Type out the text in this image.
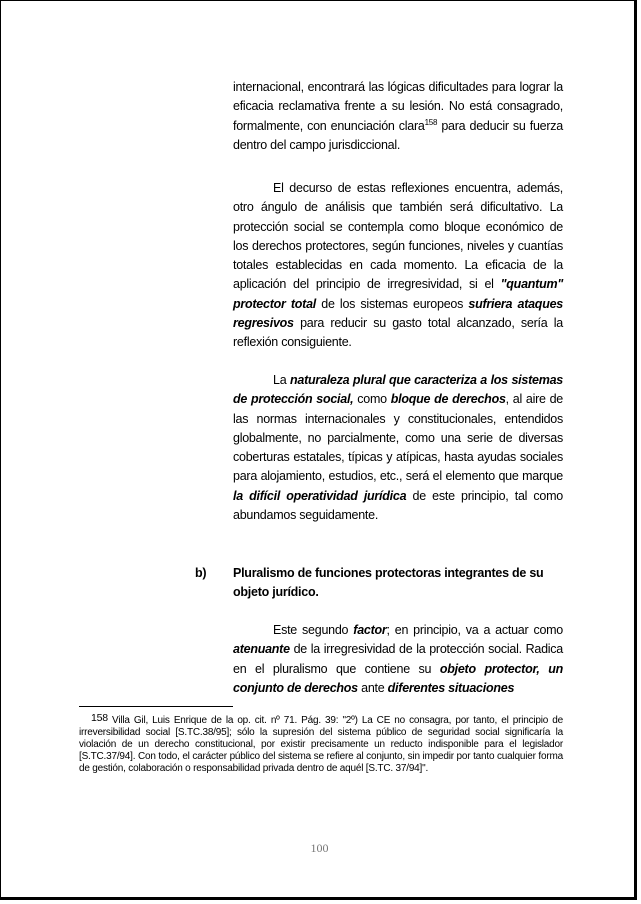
internacional, encontrará las lógicas dificultades para lograr la eficacia reclamativa frente a su lesión. No está consagrado, formalmente, con enunciación clara$^{158}$ para deducir su fuerza dentro del campo jurisdiccional.

El decurso de estas reflexiones encuentra, además, otro ángulo de análisis que también será dificultativo. La protección social se contempla como bloque económico de los derechos protectores, según funciones, niveles y cuantías totales establecidas en cada momento. La eficacia de la aplicación del principio de irregresividad, si el "quantum" protector total de los sistemas europeos sufriera ataques regresivos para reducir su gasto total alcanzado, sería la reflexión consiguiente.

La naturaleza plural que caracteriza a los sistemas de protección social, como bloque de derechos, al aire de las normas internacionales y constitucionales, entendidos globalmente, no parcialmente, como una serie de diversas coberturas estatales, típicas y atípicas, hasta ayudas sociales para alojamiento, estudios, etc., será el elemento que marque la difícil operatividad jurídica de este principio, tal como abundamos seguidamente.

b) Pluralismo de funciones protectoras integrantes de su objeto jurídico.

Este segundo factor; en principio, va a actuar como atenuante de la irregresividad de la protección social. Radica en el pluralismo que contiene su objeto protector, un conjunto de derechos ante diferentes situaciones

158 Villa Gil, Luis Enrique de la op. cit. nº 71. Pág. 39: "2º) La CE no consagra, por tanto, el principio de irreversibilidad social [S.TC.38/95]; sólo la supresión del sistema público de seguridad social significaría la violación de un derecho constitucional, por existir precisamente un reducto indisponible para el legislador [S.TC.37/94]. Con todo, el carácter público del sistema se refiere al conjunto, sin impedir por tanto cualquier forma de gestión, colaboración o responsabilidad privada dentro de aquél [S.TC. 37/94]".
100
